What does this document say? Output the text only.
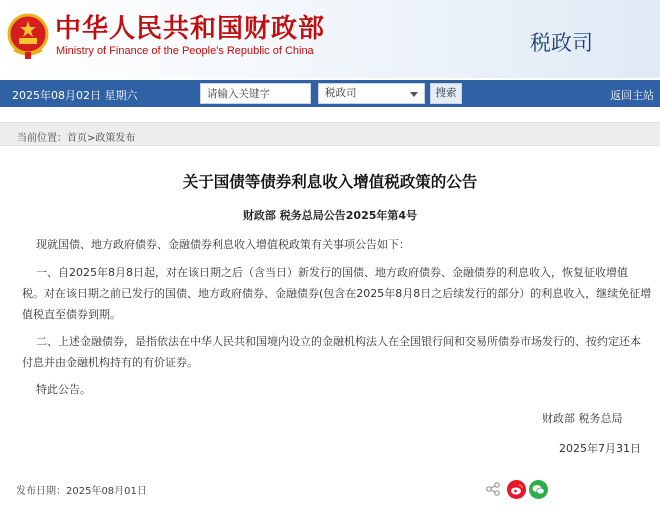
中华人民共和国财政部
Ministry of Finance of the People's Republic of China	税政司
2025年08月02日 星期六
请输入关键字	税政司	搜索	返回主站
当前位置：首页>政策发布
关于国债等债券利息收入增值税政策的公告
财政部 税务总局公告2025年第4号
现就国债、地方政府债券、金融债券利息收入增值税政策有关事项公告如下：
一、自2025年8月8日起，对在该日期之后（含当日）新发行的国债、地方政府债券、金融债券的利息收入，恢复征收增值
税。对在该日期之前已发行的国债、地方政府债券、金融债券(包含在2025年8月8日之后续发行的部分）的利息收入，继续免征增
值税直至债券到期。
二、上述金融债券，是指依法在中华人民共和国境内设立的金融机构法人在全国银行间和交易所债券市场发行的、按约定还本
付息并由金融机构持有的有价证券。
特此公告。
财政部 税务总局
2025年7月31日
发布日期：2025年08月01日
